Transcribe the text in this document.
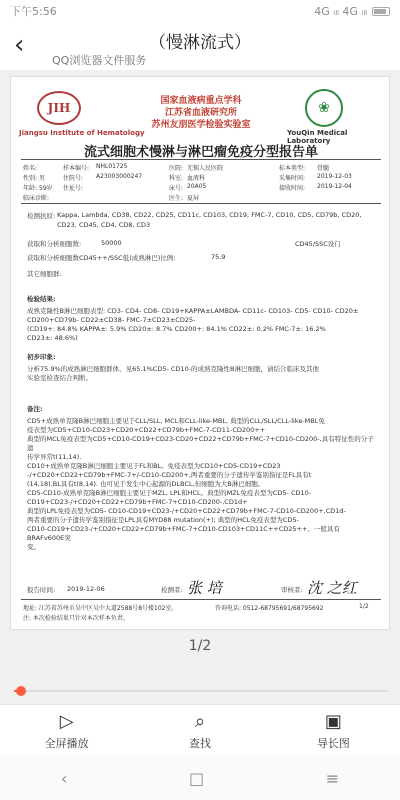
下午5:56	4G ᵢₗₗ 4G ᵢₗₗ
‹	（慢淋流式）
QQ浏览器文件服务
JIH
Jiangsu Institute of Hematology
国家血液病重点学科
江苏省血液研究所
苏州友朋医学检验实验室
❀
YouQin Medical Laboratory
流式细胞术慢淋与淋巴瘤免疫分型报告单
姓名:	样本编号: NHL01725	医院: 无锡人民医院	标本类型: 骨髓
性别: 男	住院号: A23003000247	科室: 血液科	采集时间: 2019-12-03
年龄: 59岁 住址号:	床号: 20A05	接收时间: 2019-12-04
临床诊断:	医生: 夏屏
检测抗原: Kappa, Lambda, CD38, CD22, CD25, CD11c, CD103, CD19, FMC-7, CD10, CD5, CD79b, CD20,
CD23, CD45, CD4, CD8, CD3
获取和分析细胞数:	50000	CD45/SSC设门
获取和分析细胞数CD45++/SSC低(成熟淋巴)比例:	75.9
其它细胞群:
检验结果:
成熟克隆性B淋巴细胞表型: CD3- CD4- CD8- CD19+KAPPA±LAMBDA- CD11c- CD103- CD5- CD10- CD20±
CD200+CD79b- CD22±CD38- FMC-7±CD23±CD25-
(CD19+: 84.8% KAPPA±: 5.9% CD20±: 8.7% CD200+: 84.1% CD22±: 0.2% FMC-7±: 16.2%
CD23±: 48.6%)
初步印象:
分析75.9%的成熟淋巴细胞群体，见65.1%CD5- CD10-的成熟克隆性B淋巴细胞，请结合临床及其他
实验室检查结合判断。
备注:
CD5+成熟单克隆B淋巴细胞主要见于CLL/SLL, MCL和CLL-like-MBL, 典型的CLL/SLL/CLL-like-MBL免
疫表型为CD5+CD10-CD23+CD20+CD22+CD79b+FMC-7-CD11-CD200++
典型的MCL免疫表型为CD5+CD10-CD19+CD23-CD20+CD22+CD79b+FMC-7+CD10-CD200-,具有特征性的分子遗
传学异常t(11,14).
CD10+成熟单克隆B淋巴细胞主要见于FL和BL。免疫表型为CD10+CD5-CD19+CD23
-/+CD20+CD22+CD79b+FMC-7+/-CD10-CD200+,两者重要的分子遗传学鉴别指征是FL具有t
(14,18),BL具有t(8,14). 也可见于发生中心起源的DLBCL,但细胞为大B淋巴细胞。
CD5-CD10-成熟单克隆B淋巴细胞主要见于MZL, LPL和HCL。典型的MZL免疫表型为CD5- CD10-
CD19+CD23-/+CD20+CD22+CD79b+FMC-7+CD10-CD200-,CD1d+
典型的LPL免疫表型为CD5- CD10-CD19+CD23-/+CD20+CD22+CD79b+FMC-7-CD10-CD200+,CD1d-
两者重要的分子遗传学鉴别指征是LPL具有MYD88 mutation(+); 典型的HCL免疫表型为CD5-
CD10-CD19+CD23-/+CD20+CD22+CD79b+FMC-7+CD10-CD103+CD11C++CD25++。一般具有BRAFv600E突
变。
报告时间: 2019-12-06	检测者: 张 培	审核者: 沈 之红
地址: 江苏省苏州市吴中区吴中大道2588号8号楼102室。	咨询电话: 0512-68795691/68795692	1/2
注: 本次检验结果只针对本次样本负责。
1/2
▷
全屏播放
⌕
查找
▣
导长图
‹	□	≡
